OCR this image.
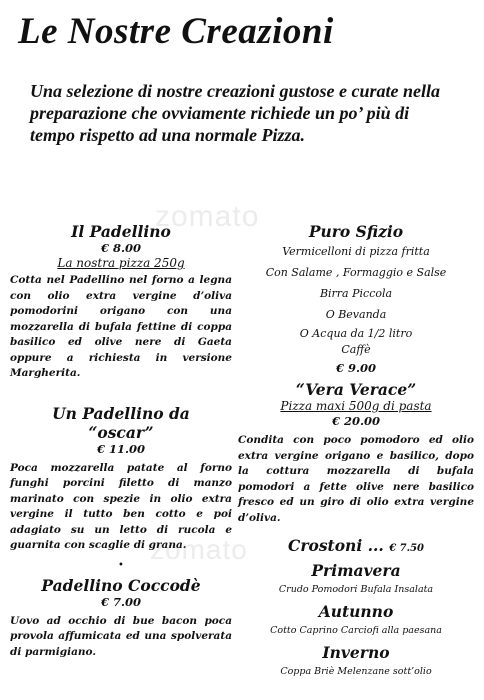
zomato
zomato
Le Nostre Creazioni
Una selezione di nostre creazioni gustose e curate nella preparazione che ovviamente richiede un po’ più di tempo rispetto ad una normale Pizza.
Il Padellino
€ 8.00
La nostra pizza 250g
Cotta nel Padellino nel forno a legna con olio extra vergine d’oliva pomodorini origano con una mozzarella di bufala fettine di coppa basilico ed olive nere di Gaeta oppure a richiesta in versione Margherita.
Un Padellino da
“oscar”
€ 11.00
Poca mozzarella patate al forno funghi porcini filetto di manzo marinato con spezie in olio extra vergine il tutto ben cotto e poi adagiato su un letto di rucola e guarnita con scaglie di grana.
•
Padellino Coccodè
€ 7.00
Uovo ad occhio di bue bacon poca provola affumicata ed una spolverata di parmigiano.
Puro Sfizio
Vermicelloni di pizza fritta
Con Salame , Formaggio e Salse
Birra Piccola
O Bevanda
O Acqua da 1/2 litro
Caffè
€ 9.00
“Vera Verace”
Pizza maxi 500g di pasta
€ 20.00
Condita con poco pomodoro ed olio extra vergine origano e basilico, dopo la cottura mozzarella di bufala pomodori a fette olive nere basilico fresco ed un giro di olio extra vergine d’oliva.
Crostoni ... € 7.50
Primavera
Crudo Pomodori Bufala Insalata
Autunno
Cotto Caprino Carciofi alla paesana
Inverno
Coppa Briè Melenzane sott’olio
